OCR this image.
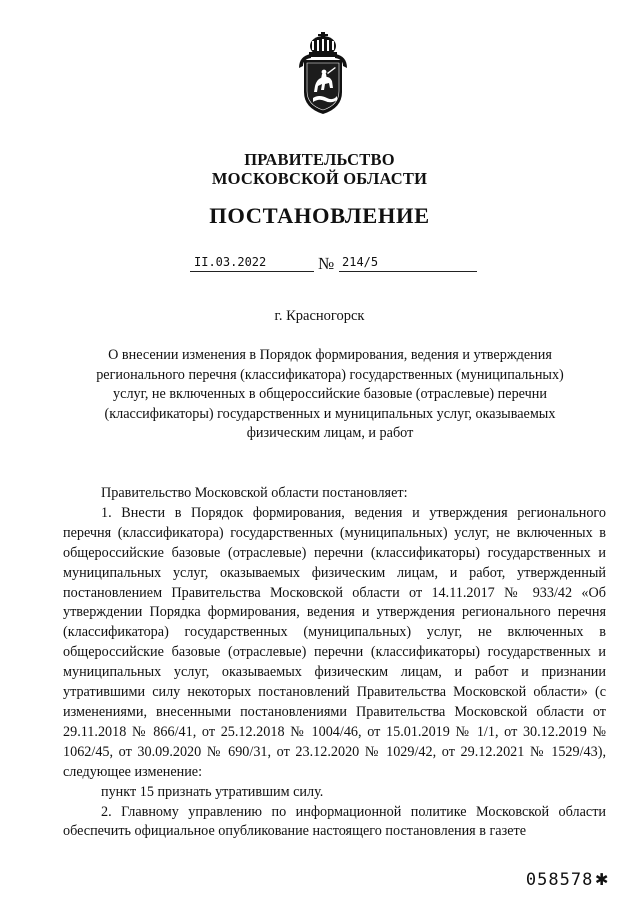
ПРАВИТЕЛЬСТВО
МОСКОВСКОЙ ОБЛАСТИ
ПОСТАНОВЛЕНИЕ
II.03.2022	№ 214/5
г. Красногорск
О внесении изменения в Порядок формирования, ведения и утверждения
регионального перечня (классификатора) государственных (муниципальных)
услуг, не включенных в общероссийские базовые (отраслевые) перечни
(классификаторы) государственных и муниципальных услуг, оказываемых
физическим лицам, и работ

Правительство Московской области постановляет:

1. Внести в Порядок формирования, ведения и утверждения регионального перечня (классификатора) государственных (муниципальных) услуг, не включенных в общероссийские базовые (отраслевые) перечни (классификаторы) государственных и муниципальных услуг, оказываемых физическим лицам, и работ, утвержденный постановлением Правительства Московской области от 14.11.2017 № 933/42 «Об утверждении Порядка формирования, ведения и утверждения регионального перечня (классификатора) государственных (муниципальных) услуг, не включенных в общероссийские базовые (отраслевые) перечни (классификаторы) государственных и муниципальных услуг, оказываемых физическим лицам, и работ и признании утратившими силу некоторых постановлений Правительства Московской области» (с изменениями, внесенными постановлениями Правительства Московской области от 29.11.2018 № 866/41, от 25.12.2018 № 1004/46, от 15.01.2019 № 1/1, от 30.12.2019 № 1062/45, от 30.09.2020 № 690/31, от 23.12.2020 № 1029/42, от 29.12.2021 № 1529/43), следующее изменение:

пункт 15 признать утратившим силу.

2. Главному управлению по информационной политике Московской области обеспечить официальное опубликование настоящего постановления в газете

058578✱
